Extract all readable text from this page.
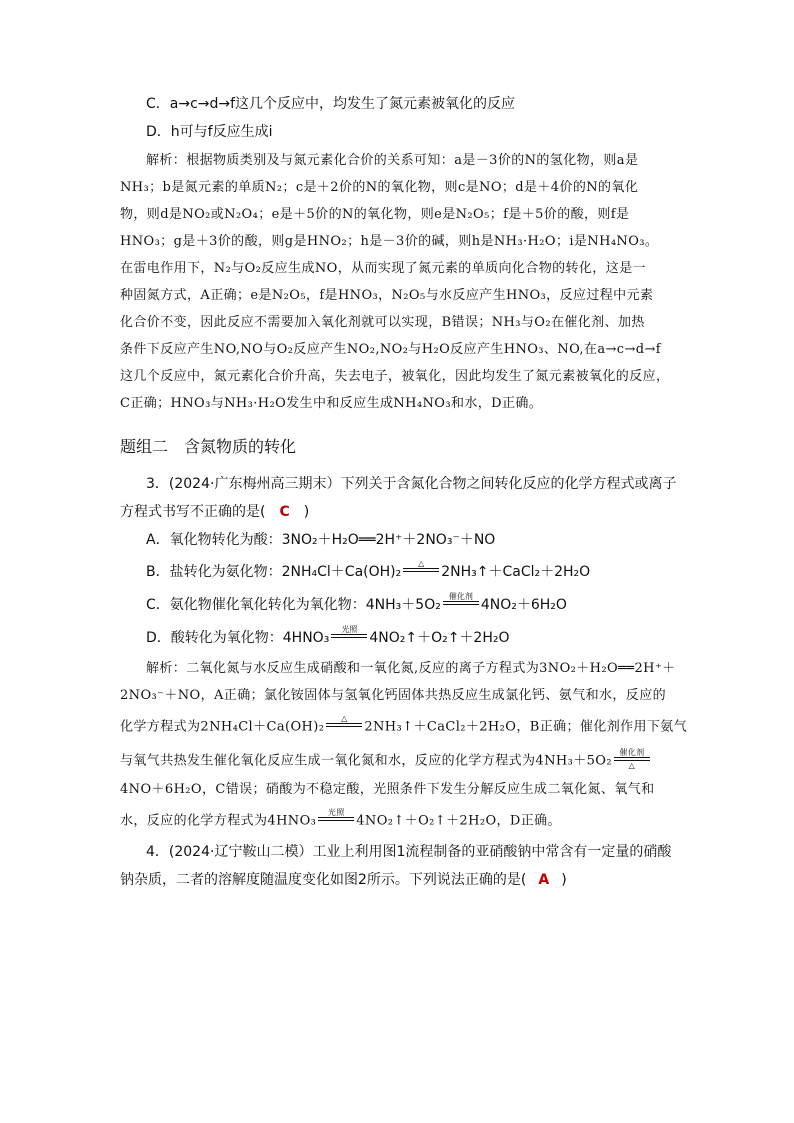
C．a→c→d→f这几个反应中，均发生了氮元素被氧化的反应
D．h可与f反应生成i
解析：根据物质类别及与氮元素化合价的关系可知：a是－3价的N的氢化物，则a是
NH₃；b是氮元素的单质N₂；c是＋2价的N的氧化物，则c是NO；d是＋4价的N的氧化
物，则d是NO₂或N₂O₄；e是＋5价的N的氧化物，则e是N₂O₅；f是＋5价的酸，则f是
HNO₃；g是＋3价的酸，则g是HNO₂；h是－3价的碱，则h是NH₃·H₂O；i是NH₄NO₃。
在雷电作用下，N₂与O₂反应生成NO，从而实现了氮元素的单质向化合物的转化，这是一
种固氮方式，A正确；e是N₂O₅，f是HNO₃，N₂O₅与水反应产生HNO₃，反应过程中元素
化合价不变，因此反应不需要加入氧化剂就可以实现，B错误；NH₃与O₂在催化剂、加热
条件下反应产生NO,NO与O₂反应产生NO₂,NO₂与H₂O反应产生HNO₃、NO,在a→c→d→f
这几个反应中，氮元素化合价升高，失去电子，被氧化，因此均发生了氮元素被氧化的反应，
C正确；HNO₃与NH₃·H₂O发生中和反应生成NH₄NO₃和水，D正确。
题组二　含氮物质的转化
3．(2024·广东梅州高三期末）下列关于含氮化合物之间转化反应的化学方程式或离子
方程式书写不正确的是( C )
A．氧化物转化为酸：3NO₂＋H₂O══2H⁺＋2NO₃⁻＋NO
B．盐转化为氨化物：2NH₄Cl＋Ca(OH)₂
△
2NH₃↑＋CaCl₂＋2H₂O
C．氨化物催化氧化转化为氧化物：4NH₃＋5O₂
催化剂
4NO₂＋6H₂O
D．酸转化为氧化物：4HNO₃
光照
4NO₂↑＋O₂↑＋2H₂O
解析：二氧化氮与水反应生成硝酸和一氧化氮,反应的离子方程式为3NO₂＋H₂O══2H⁺＋
2NO₃⁻＋NO，A正确；氯化铵固体与氢氧化钙固体共热反应生成氯化钙、氨气和水，反应的
化学方程式为2NH₄Cl＋Ca(OH)₂
△
2NH₃↑＋CaCl₂＋2H₂O，B正确；催化剂作用下氨气
与氧气共热发生催化氧化反应生成一氧化氮和水，反应的化学方程式为4NH₃＋5O₂
催化剂
△
4NO＋6H₂O，C错误；硝酸为不稳定酸，光照条件下发生分解反应生成二氧化氮、氧气和
水，反应的化学方程式为4HNO₃
光照
4NO₂↑＋O₂↑＋2H₂O，D正确。
4．(2024·辽宁鞍山二模）工业上利用图1流程制备的亚硝酸钠中常含有一定量的硝酸
钠杂质，二者的溶解度随温度变化如图2所示。下列说法正确的是( A )
